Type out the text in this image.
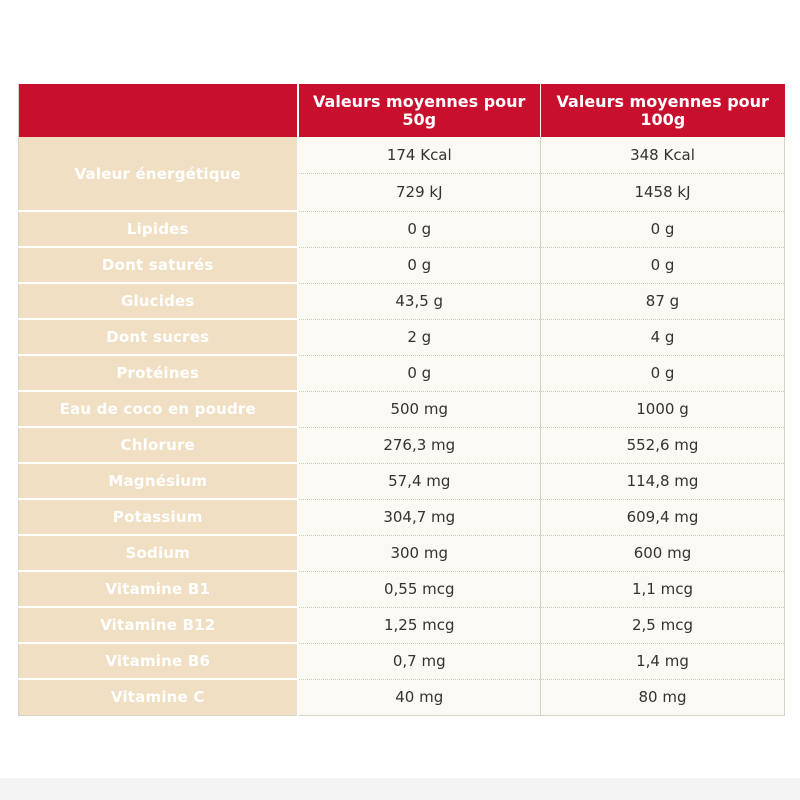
	Valeurs moyennes pour 50g	Valeurs moyennes pour 100g
Valeur énergétique	174 Kcal	348 Kcal
	729 kJ	1458 kJ
Lipides	0 g	0 g
Dont saturés	0 g	0 g
Glucides	43,5 g	87 g
Dont sucres	2 g	4 g
Protéines	0 g	0 g
Eau de coco en poudre	500 mg	1000 g
Chlorure	276,3 mg	552,6 mg
Magnésium	57,4 mg	114,8 mg
Potassium	304,7 mg	609,4 mg
Sodium	300 mg	600 mg
Vitamine B1	0,55 mcg	1,1 mcg
Vitamine B12	1,25 mcg	2,5 mcg
Vitamine B6	0,7 mg	1,4 mg
Vitamine C	40 mg	80 mg
